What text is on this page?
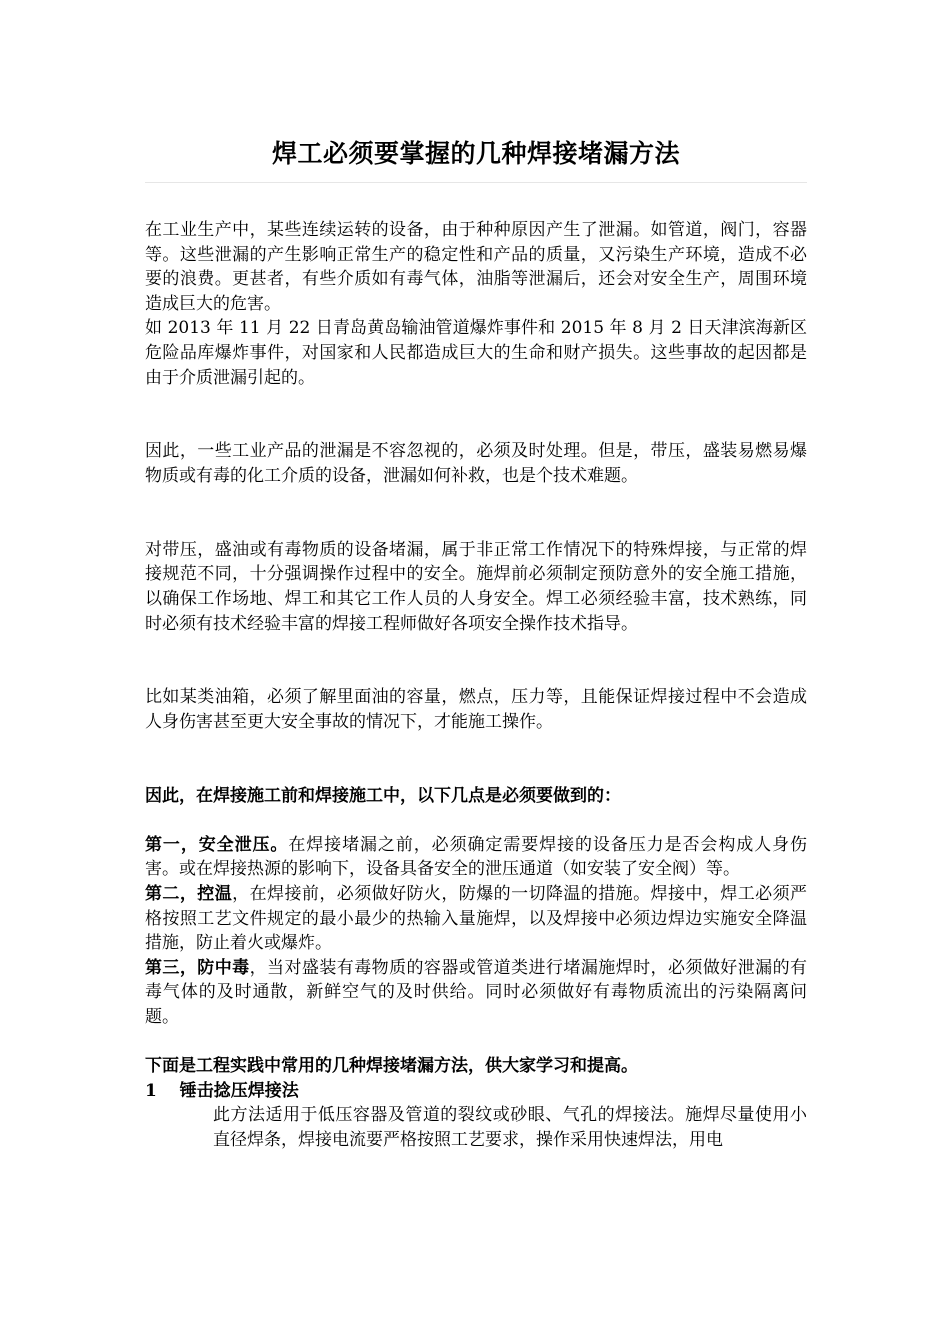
焊工必须要掌握的几种焊接堵漏方法

在工业生产中，某些连续运转的设备，由于种种原因产生了泄漏。如管道，阀门，容器等。这些泄漏的产生影响正常生产的稳定性和产品的质量，又污染生产环境，造成不必要的浪费。更甚者，有些介质如有毒气体，油脂等泄漏后，还会对安全生产，周围环境造成巨大的危害。

如 2013 年 11 月 22 日青岛黄岛输油管道爆炸事件和 2015 年 8 月 2 日天津滨海新区危险品库爆炸事件，对国家和人民都造成巨大的生命和财产损失。这些事故的起因都是由于介质泄漏引起的。

因此，一些工业产品的泄漏是不容忽视的，必须及时处理。但是，带压，盛装易燃易爆物质或有毒的化工介质的设备，泄漏如何补救，也是个技术难题。

对带压，盛油或有毒物质的设备堵漏，属于非正常工作情况下的特殊焊接，与正常的焊接规范不同，十分强调操作过程中的安全。施焊前必须制定预防意外的安全施工措施，以确保工作场地、焊工和其它工作人员的人身安全。焊工必须经验丰富，技术熟练，同时必须有技术经验丰富的焊接工程师做好各项安全操作技术指导。

比如某类油箱，必须了解里面油的容量，燃点，压力等，且能保证焊接过程中不会造成人身伤害甚至更大安全事故的情况下，才能施工操作。

因此，在焊接施工前和焊接施工中，以下几点是必须要做到的：

第一，安全泄压。在焊接堵漏之前，必须确定需要焊接的设备压力是否会构成人身伤害。或在焊接热源的影响下，设备具备安全的泄压通道（如安装了安全阀）等。

第二，控温，在焊接前，必须做好防火，防爆的一切降温的措施。焊接中，焊工必须严格按照工艺文件规定的最小最少的热输入量施焊，以及焊接中必须边焊边实施安全降温措施，防止着火或爆炸。

第三，防中毒，当对盛装有毒物质的容器或管道类进行堵漏施焊时，必须做好泄漏的有毒气体的及时通散，新鲜空气的及时供给。同时必须做好有毒物质流出的污染隔离问题。

下面是工程实践中常用的几种焊接堵漏方法，供大家学习和提高。

1　 锤击捻压焊接法

此方法适用于低压容器及管道的裂纹或砂眼、气孔的焊接法。施焊尽量使用小直径焊条，焊接电流要严格按照工艺要求，操作采用快速焊法，用电
